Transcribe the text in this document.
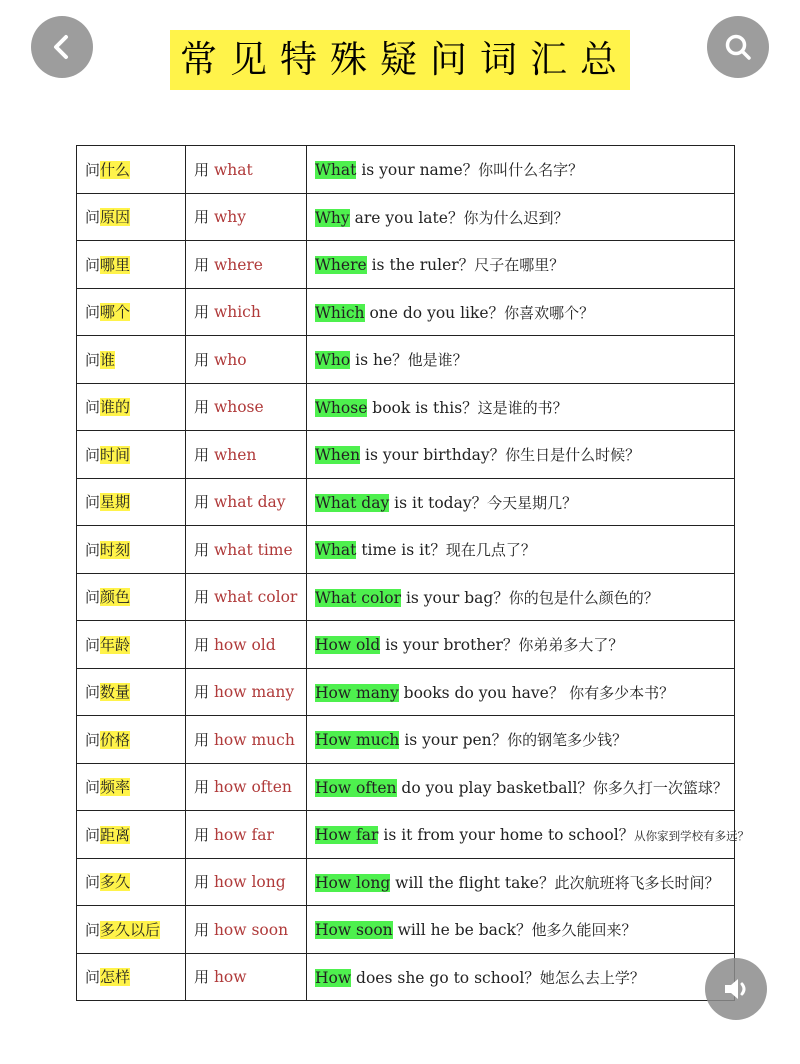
常见特殊疑问词汇总
问什么	用 what	What is your name？你叫什么名字？
问原因	用 why	Why are you late？你为什么迟到？
问哪里	用 where	Where is the ruler？尺子在哪里？
问哪个	用 which	Which one do you like？你喜欢哪个？
问谁	用 who	Who is he？他是谁？
问谁的	用 whose	Whose book is this？这是谁的书？
问时间	用 when	When is your birthday？你生日是什么时候？
问星期	用 what day	What day is it today？今天星期几？
问时刻	用 what time	What time is it？现在几点了？
问颜色	用 what color	What color is your bag？你的包是什么颜色的？
问年龄	用 how old	How old is your brother？你弟弟多大了？
问数量	用 how many	How many books do you have？ 你有多少本书？
问价格	用 how much	How much is your pen？你的钢笔多少钱？
问频率	用 how often	How often do you play basketball？你多久打一次篮球？
问距离	用 how far	How far is it from your home to school？从你家到学校有多远？
问多久	用 how long	How long will the flight take？此次航班将飞多长时间？
问多久以后	用 how soon	How soon will he be back？他多久能回来？
问怎样	用 how	How does she go to school？她怎么去上学？
